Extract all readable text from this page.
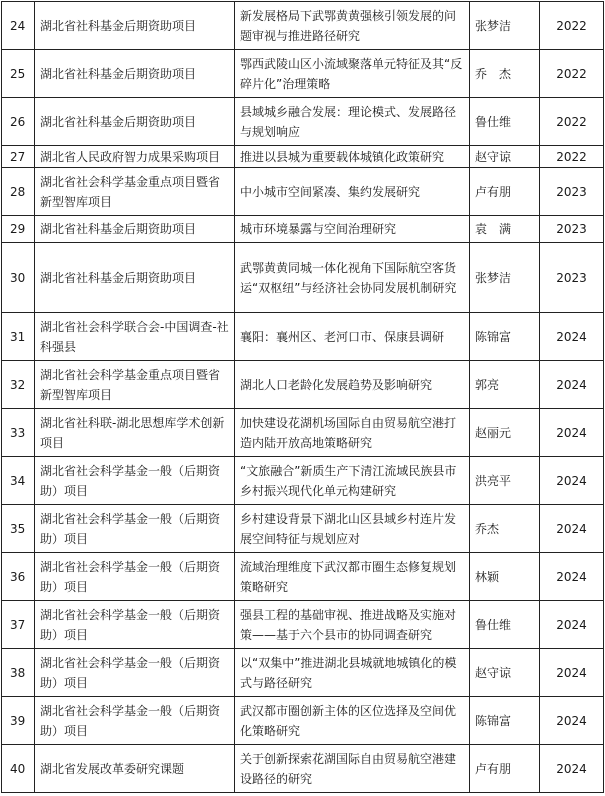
24	湖北省社科基金后期资助项目	新发展格局下武鄂黄黄强核引领发展的问题审视与推进路径研究	张梦洁	2022
25	湖北省社科基金后期资助项目	鄂西武陵山区小流域聚落单元特征及其“反碎片化”治理策略	乔　杰	2022
26	湖北省社科基金后期资助项目	县域城乡融合发展：理论模式、发展路径与规划响应	鲁仕维	2022
27	湖北省人民政府智力成果采购项目	推进以县城为重要载体城镇化政策研究	赵守谅	2022
28	湖北省社会科学基金重点项目暨省新型智库项目	中小城市空间紧凑、集约发展研究	卢有朋	2023
29	湖北省社科基金后期资助项目	城市环境暴露与空间治理研究	袁　满	2023
30	湖北省社科基金后期资助项目	武鄂黄黄同城一体化视角下国际航空客货运“双枢纽”与经济社会协同发展机制研究	张梦洁	2023
31	湖北省社会科学联合会-中国调查-社科强县	襄阳：襄州区、老河口市、保康县调研	陈锦富	2024
32	湖北省社会科学基金重点项目暨省新型智库项目	湖北人口老龄化发展趋势及影响研究	郭亮	2024
33	湖北省社科联-湖北思想库学术创新项目	加快建设花湖机场国际自由贸易航空港打造内陆开放高地策略研究	赵丽元	2024
34	湖北省社会科学基金一般（后期资助）项目	“文旅融合”新质生产下清江流域民族县市乡村振兴现代化单元构建研究	洪亮平	2024
35	湖北省社会科学基金一般（后期资助）项目	乡村建设背景下湖北山区县域乡村连片发展空间特征与规划应对	乔杰	2024
36	湖北省社会科学基金一般（后期资助）项目	流域治理维度下武汉都市圈生态修复规划策略研究	林颖	2024
37	湖北省社会科学基金一般（后期资助）项目	强县工程的基础审视、推进战略及实施对策——基于六个县市的协同调查研究	鲁仕维	2024
38	湖北省社会科学基金一般（后期资助）项目	以“双集中”推进湖北县城就地城镇化的模式与路径研究	赵守谅	2024
39	湖北省社会科学基金一般（后期资助）项目	武汉都市圈创新主体的区位选择及空间优化策略研究	陈锦富	2024
40	湖北省发展改革委研究课题	关于创新探索花湖国际自由贸易航空港建设路径的研究	卢有朋	2024
